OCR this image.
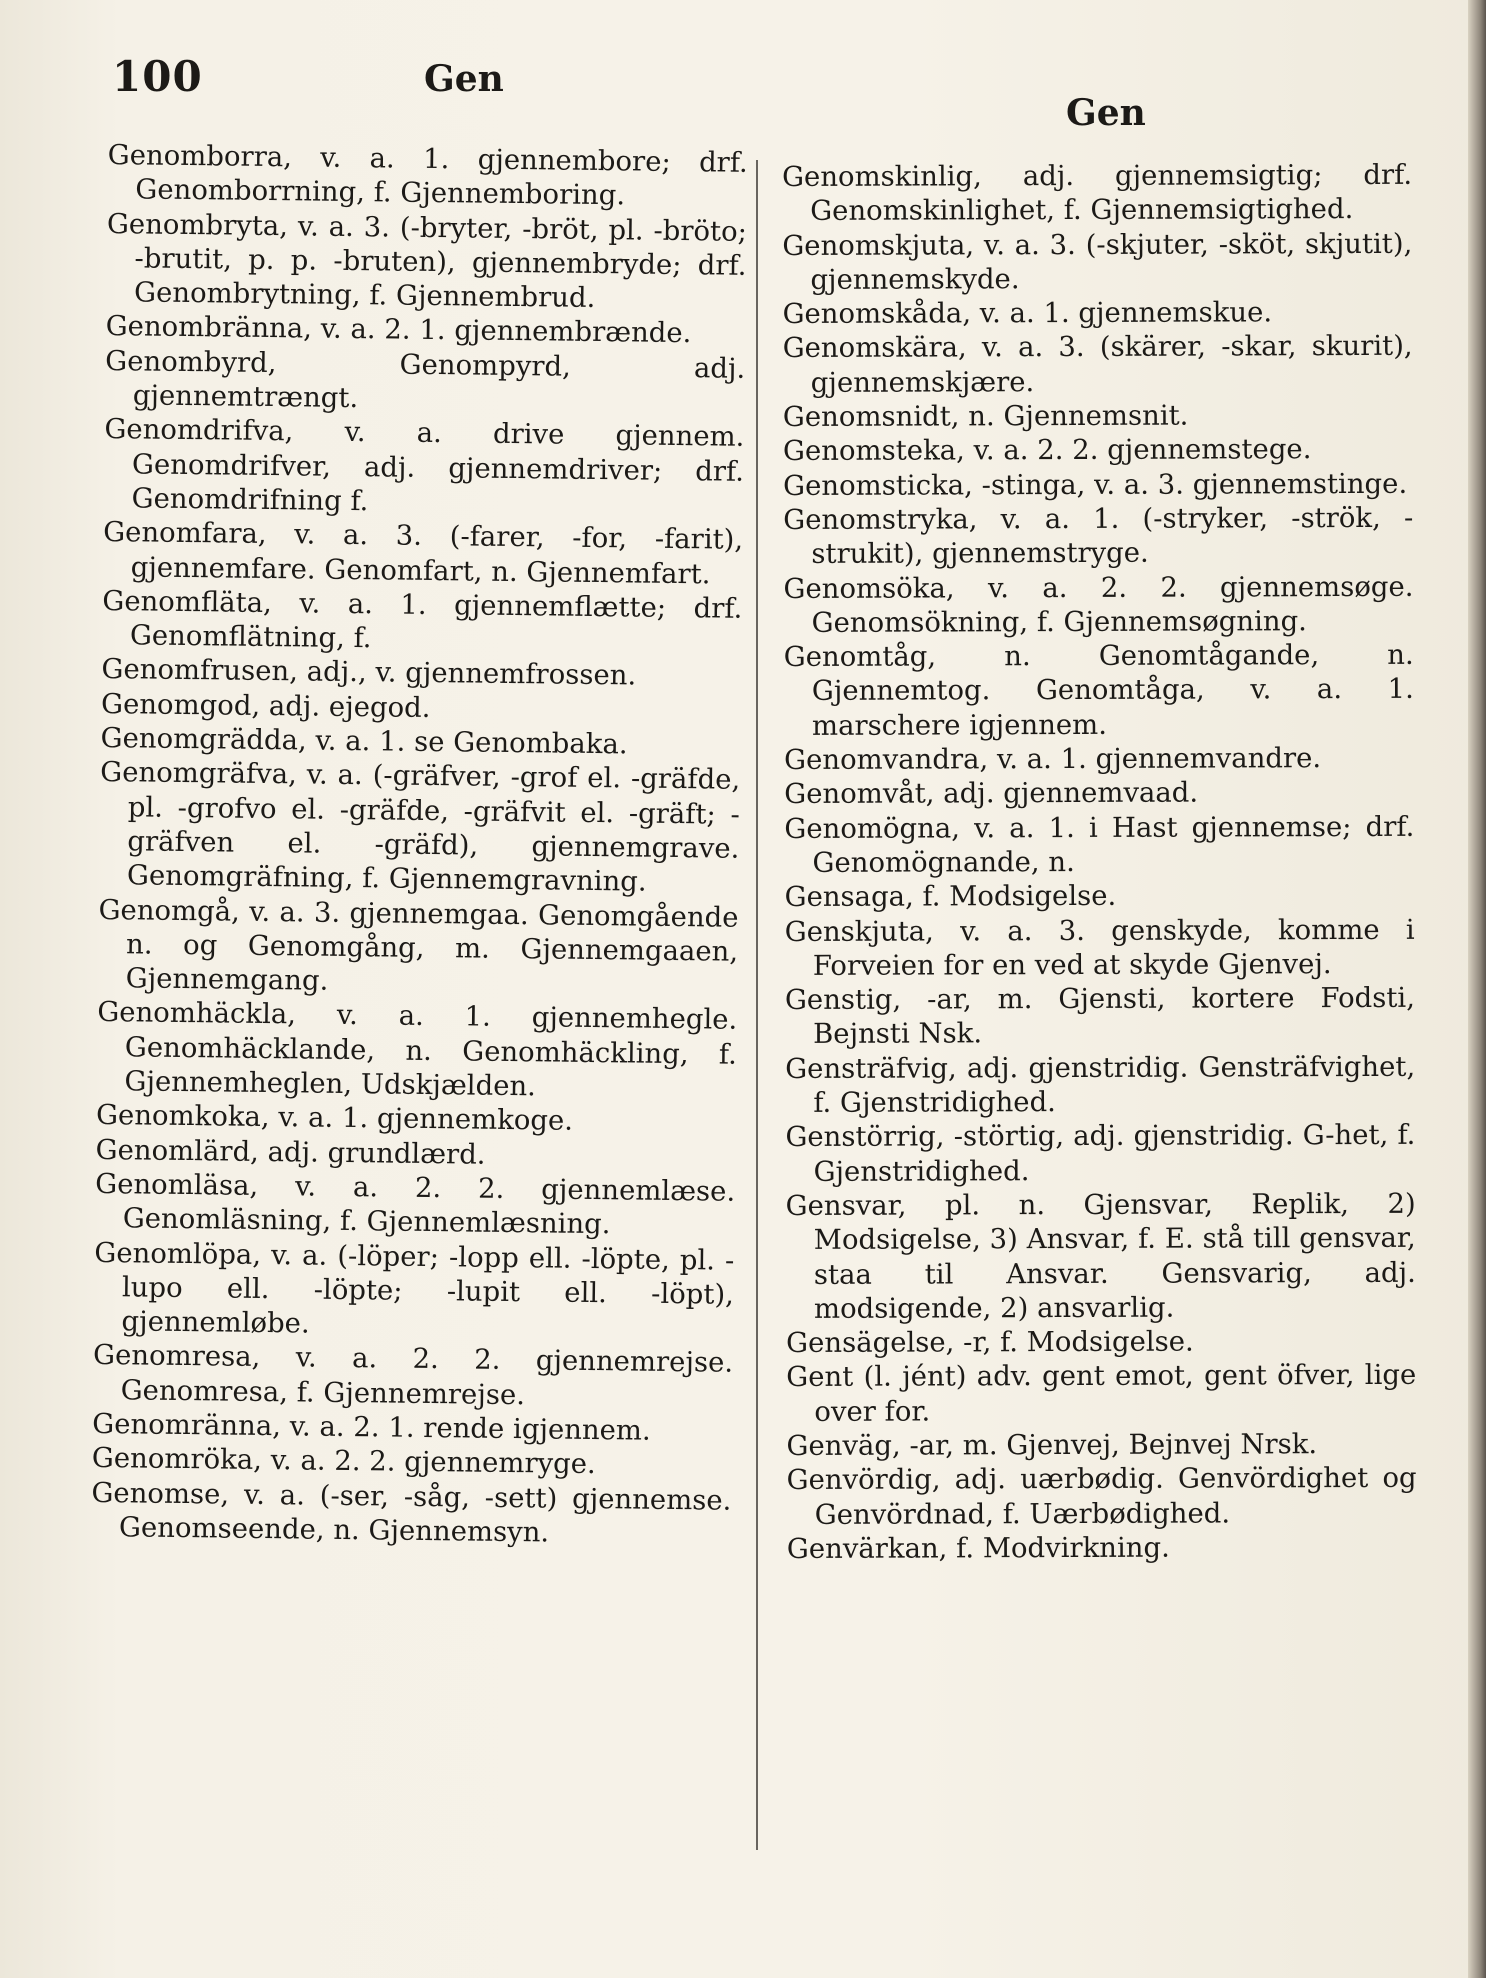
100	Gen
Gen

Genomborra, v. a. 1. gjennembore; drf. Genomborrning, f. Gjennemboring.

Genombryta, v. a. 3. (-bryter, -bröt, pl. -bröto; -brutit, p. p. -bruten), gjennembryde; drf. Genombrytning, f. Gjennembrud.

Genombränna, v. a. 2. 1. gjennembrænde.

Genombyrd, Genompyrd, adj. gjennemtrængt.

Genomdrifva, v. a. drive gjennem. Genomdrifver, adj. gjennemdriver; drf. Genomdrifning f.

Genomfara, v. a. 3. (-farer, -for, -farit), gjennemfare. Genomfart, n. Gjennemfart.

Genomfläta, v. a. 1. gjennemflætte; drf. Genomflätning, f.

Genomfrusen, adj., v. gjennemfrossen.

Genomgod, adj. ejegod.

Genomgrädda, v. a. 1. se Genombaka.

Genomgräfva, v. a. (-gräfver, -grof el. -gräfde, pl. -grofvo el. -gräfde, -gräfvit el. -gräft; -gräfven el. -gräfd), gjennemgrave. Genomgräfning, f. Gjennemgravning.

Genomgå, v. a. 3. gjennemgaa. Genomgående n. og Genomgång, m. Gjennemgaaen, Gjennemgang.

Genomhäckla, v. a. 1. gjennemhegle. Genomhäcklande, n. Genomhäckling, f. Gjennemheglen, Udskjælden.

Genomkoka, v. a. 1. gjennemkoge.

Genomlärd, adj. grundlærd.

Genomläsa, v. a. 2. 2. gjennemlæse. Genomläsning, f. Gjennemlæsning.

Genomlöpa, v. a. (-löper; -lopp ell. -löpte, pl. -lupo ell. -löpte; -lupit ell. -löpt), gjennemløbe.

Genomresa, v. a. 2. 2. gjennemrejse. Genomresa, f. Gjennemrejse.

Genomränna, v. a. 2. 1. rende igjennem.

Genomröka, v. a. 2. 2. gjennemryge.

Genomse, v. a. (-ser, -såg, -sett) gjennemse. Genomseende, n. Gjennemsyn.

Genomskinlig, adj. gjennemsigtig; drf. Genomskinlighet, f. Gjennemsigtighed.

Genomskjuta, v. a. 3. (-skjuter, -sköt, skjutit), gjennemskyde.

Genomskåda, v. a. 1. gjennemskue.

Genomskära, v. a. 3. (skärer, -skar, skurit), gjennemskjære.

Genomsnidt, n. Gjennemsnit.

Genomsteka, v. a. 2. 2. gjennemstege.

Genomsticka, -stinga, v. a. 3. gjennemstinge.

Genomstryka, v. a. 1. (-stryker, -strök, -strukit), gjennemstryge.

Genomsöka, v. a. 2. 2. gjennemsøge. Genomsökning, f. Gjennemsøgning.

Genomtåg, n. Genomtågande, n. Gjennemtog. Genomtåga, v. a. 1. marschere igjennem.

Genomvandra, v. a. 1. gjennemvandre.

Genomvåt, adj. gjennemvaad.

Genomögna, v. a. 1. i Hast gjennemse; drf. Genomögnande, n.

Gensaga, f. Modsigelse.

Genskjuta, v. a. 3. genskyde, komme i Forveien for en ved at skyde Gjenvej.

Genstig, -ar, m. Gjensti, kortere Fodsti, Bejnsti Nsk.

Gensträfvig, adj. gjenstridig. Gensträfvighet, f. Gjenstridighed.

Genstörrig, -störtig, adj. gjenstridig. G-het, f. Gjenstridighed.

Gensvar, pl. n. Gjensvar, Replik, 2) Modsigelse, 3) Ansvar, f. E. stå till gensvar, staa til Ansvar. Gensvarig, adj. modsigende, 2) ansvarlig.

Gensägelse, -r, f. Modsigelse.

Gent (l. jént) adv. gent emot, gent öfver, lige over for.

Genväg, -ar, m. Gjenvej, Bejnvej Nrsk.

Genvördig, adj. uærbødig. Genvördighet og Genvördnad, f. Uærbødighed.

Genvärkan, f. Modvirkning.
